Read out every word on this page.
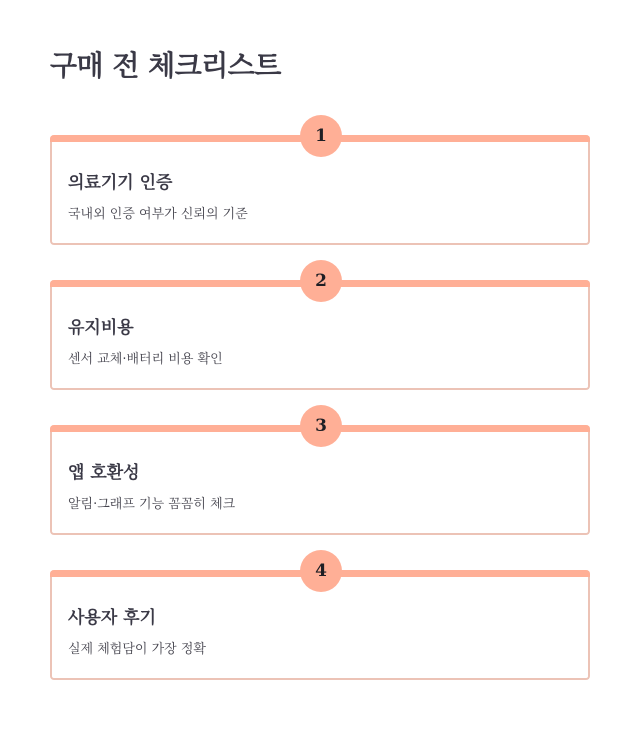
구매 전 체크리스트
1
의료기기 인증

국내외 인증 여부가 신뢰의 기준

2
유지비용

센서 교체·배터리 비용 확인

3
앱 호환성

알림·그래프 기능 꼼꼼히 체크

4
사용자 후기

실제 체험담이 가장 정확
